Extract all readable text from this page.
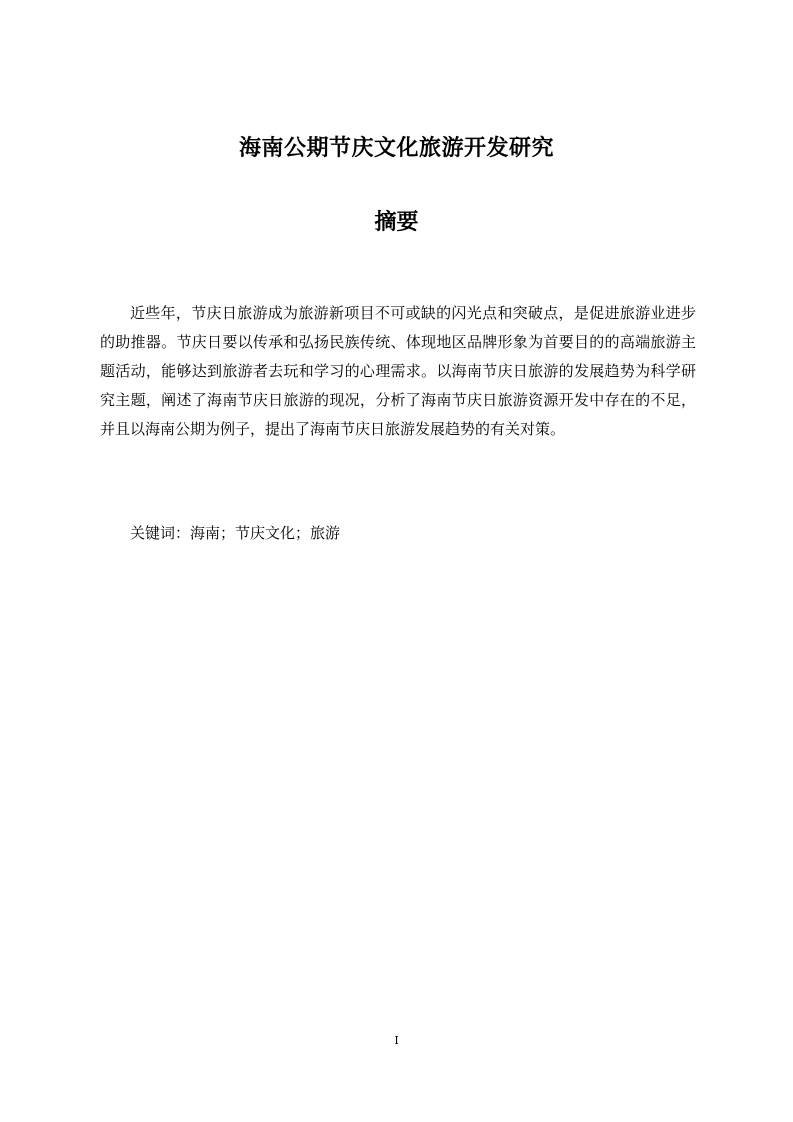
海南公期节庆文化旅游开发研究
摘要

近些年，节庆日旅游成为旅游新项目不可或缺的闪光点和突破点，是促进旅游业进步的助推器。节庆日要以传承和弘扬民族传统、体现地区品牌形象为首要目的的高端旅游主题活动，能够达到旅游者去玩和学习的心理需求。以海南节庆日旅游的发展趋势为科学研究主题，阐述了海南节庆日旅游的现况，分析了海南节庆日旅游资源开发中存在的不足，并且以海南公期为例子，提出了海南节庆日旅游发展趋势的有关对策。

关键词：海南；节庆文化；旅游
I
